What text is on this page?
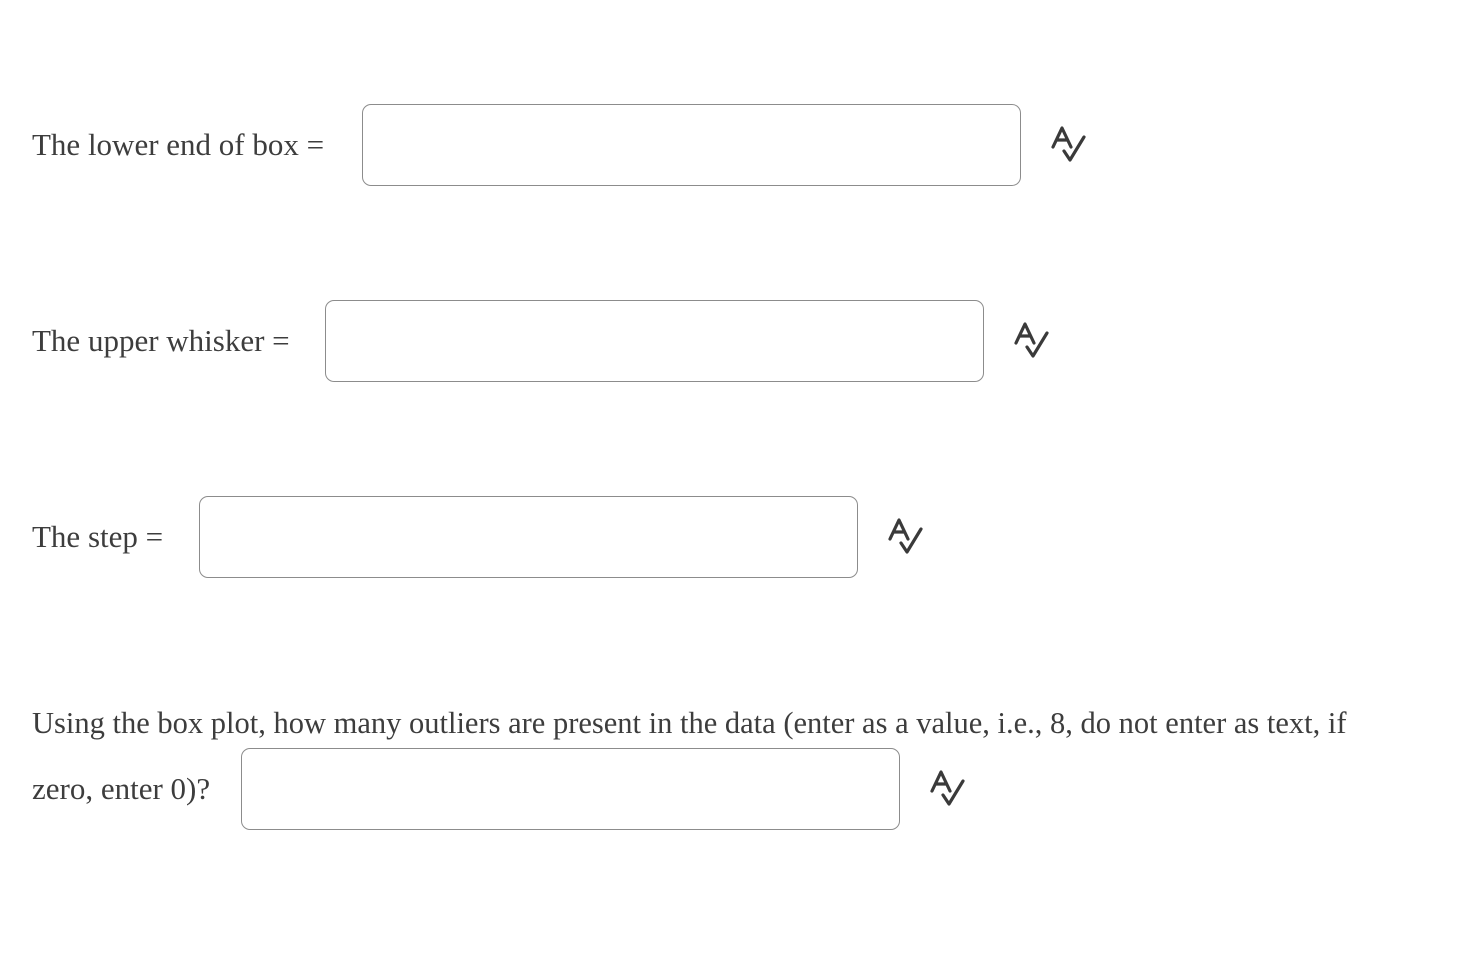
The lower end of box =
The upper whisker =
The step =
Using the box plot, how many outliers are present in the data (enter as a value, i.e., 8, do not enter as text, if
zero, enter 0)?
